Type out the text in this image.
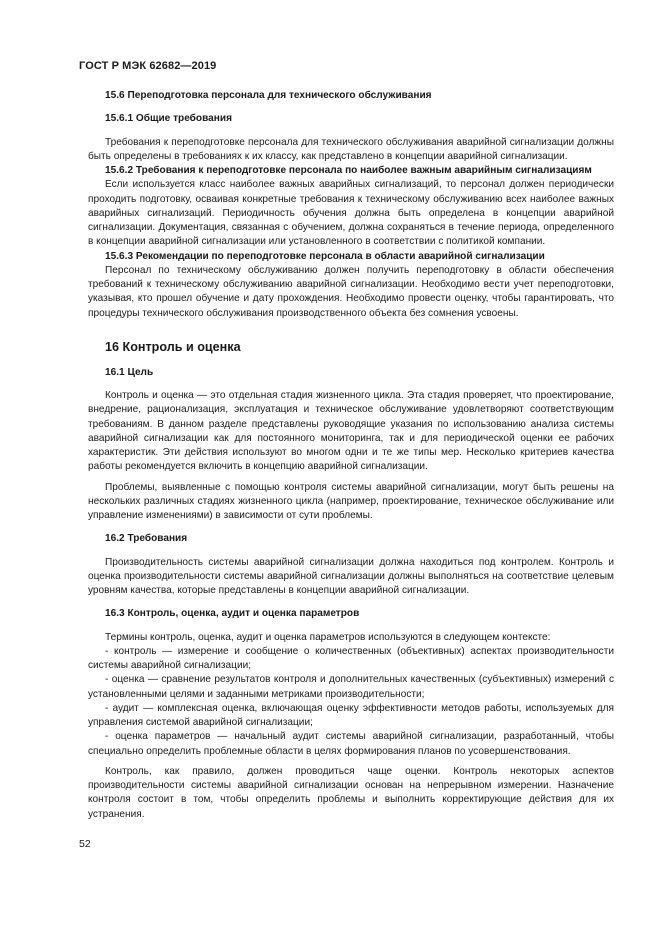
ГОСТ Р МЭК 62682—2019

15.6 Переподготовка персонала для технического обслуживания

15.6.1 Общие требования

Требования к переподготовке персонала для технического обслуживания аварийной сигнализации должны быть определены в требованиях к их классу, как представлено в концепции аварийной сигнализации.

15.6.2 Требования к переподготовке персонала по наиболее важным аварийным сигнализациям

Если используется класс наиболее важных аварийных сигнализаций, то персонал должен периодически проходить подготовку, осваивая конкретные требования к техническому обслуживанию всех наиболее важных аварийных сигнализаций. Периодичность обучения должна быть определена в концепции аварийной сигнализации. Документация, связанная с обучением, должна сохраняться в течение периода, определенного в концепции аварийной сигнализации или установленного в соответствии с политикой компании.

15.6.3 Рекомендации по переподготовке персонала в области аварийной сигнализации

Персонал по техническому обслуживанию должен получить переподготовку в области обеспечения требований к техническому обслуживанию аварийной сигнализации. Необходимо вести учет переподготовки, указывая, кто прошел обучение и дату прохождения. Необходимо провести оценку, чтобы гарантировать, что процедуры технического обслуживания производственного объекта без сомнения усвоены.

16 Контроль и оценка

16.1 Цель

Контроль и оценка — это отдельная стадия жизненного цикла. Эта стадия проверяет, что проектирование, внедрение, рационализация, эксплуатация и техническое обслуживание удовлетворяют соответствующим требованиям. В данном разделе представлены руководящие указания по использованию анализа системы аварийной сигнализации как для постоянного мониторинга, так и для периодической оценки ее рабочих характеристик. Эти действия используют во многом одни и те же типы мер. Несколько критериев качества работы рекомендуется включить в концепцию аварийной сигнализации.

Проблемы, выявленные с помощью контроля системы аварийной сигнализации, могут быть решены на нескольких различных стадиях жизненного цикла (например, проектирование, техническое обслуживание или управление изменениями) в зависимости от сути проблемы.

16.2 Требования

Производительность системы аварийной сигнализации должна находиться под контролем. Контроль и оценка производительности системы аварийной сигнализации должны выполняться на соответствие целевым уровням качества, которые представлены в концепции аварийной сигнализации.

16.3 Контроль, оценка, аудит и оценка параметров

Термины контроль, оценка, аудит и оценка параметров используются в следующем контексте:

- контроль — измерение и сообщение о количественных (объективных) аспектах производительности системы аварийной сигнализации;

- оценка — сравнение результатов контроля и дополнительных качественных (субъективных) измерений с установленными целями и заданными метриками производительности;

- аудит — комплексная оценка, включающая оценку эффективности методов работы, используемых для управления системой аварийной сигнализации;

- оценка параметров — начальный аудит системы аварийной сигнализации, разработанный, чтобы специально определить проблемные области в целях формирования планов по усовершенствования.

Контроль, как правило, должен проводиться чаще оценки. Контроль некоторых аспектов производительности системы аварийной сигнализации основан на непрерывном измерении. Назначение контроля состоит в том, чтобы определить проблемы и выполнить корректирующие действия для их устранения.

52
